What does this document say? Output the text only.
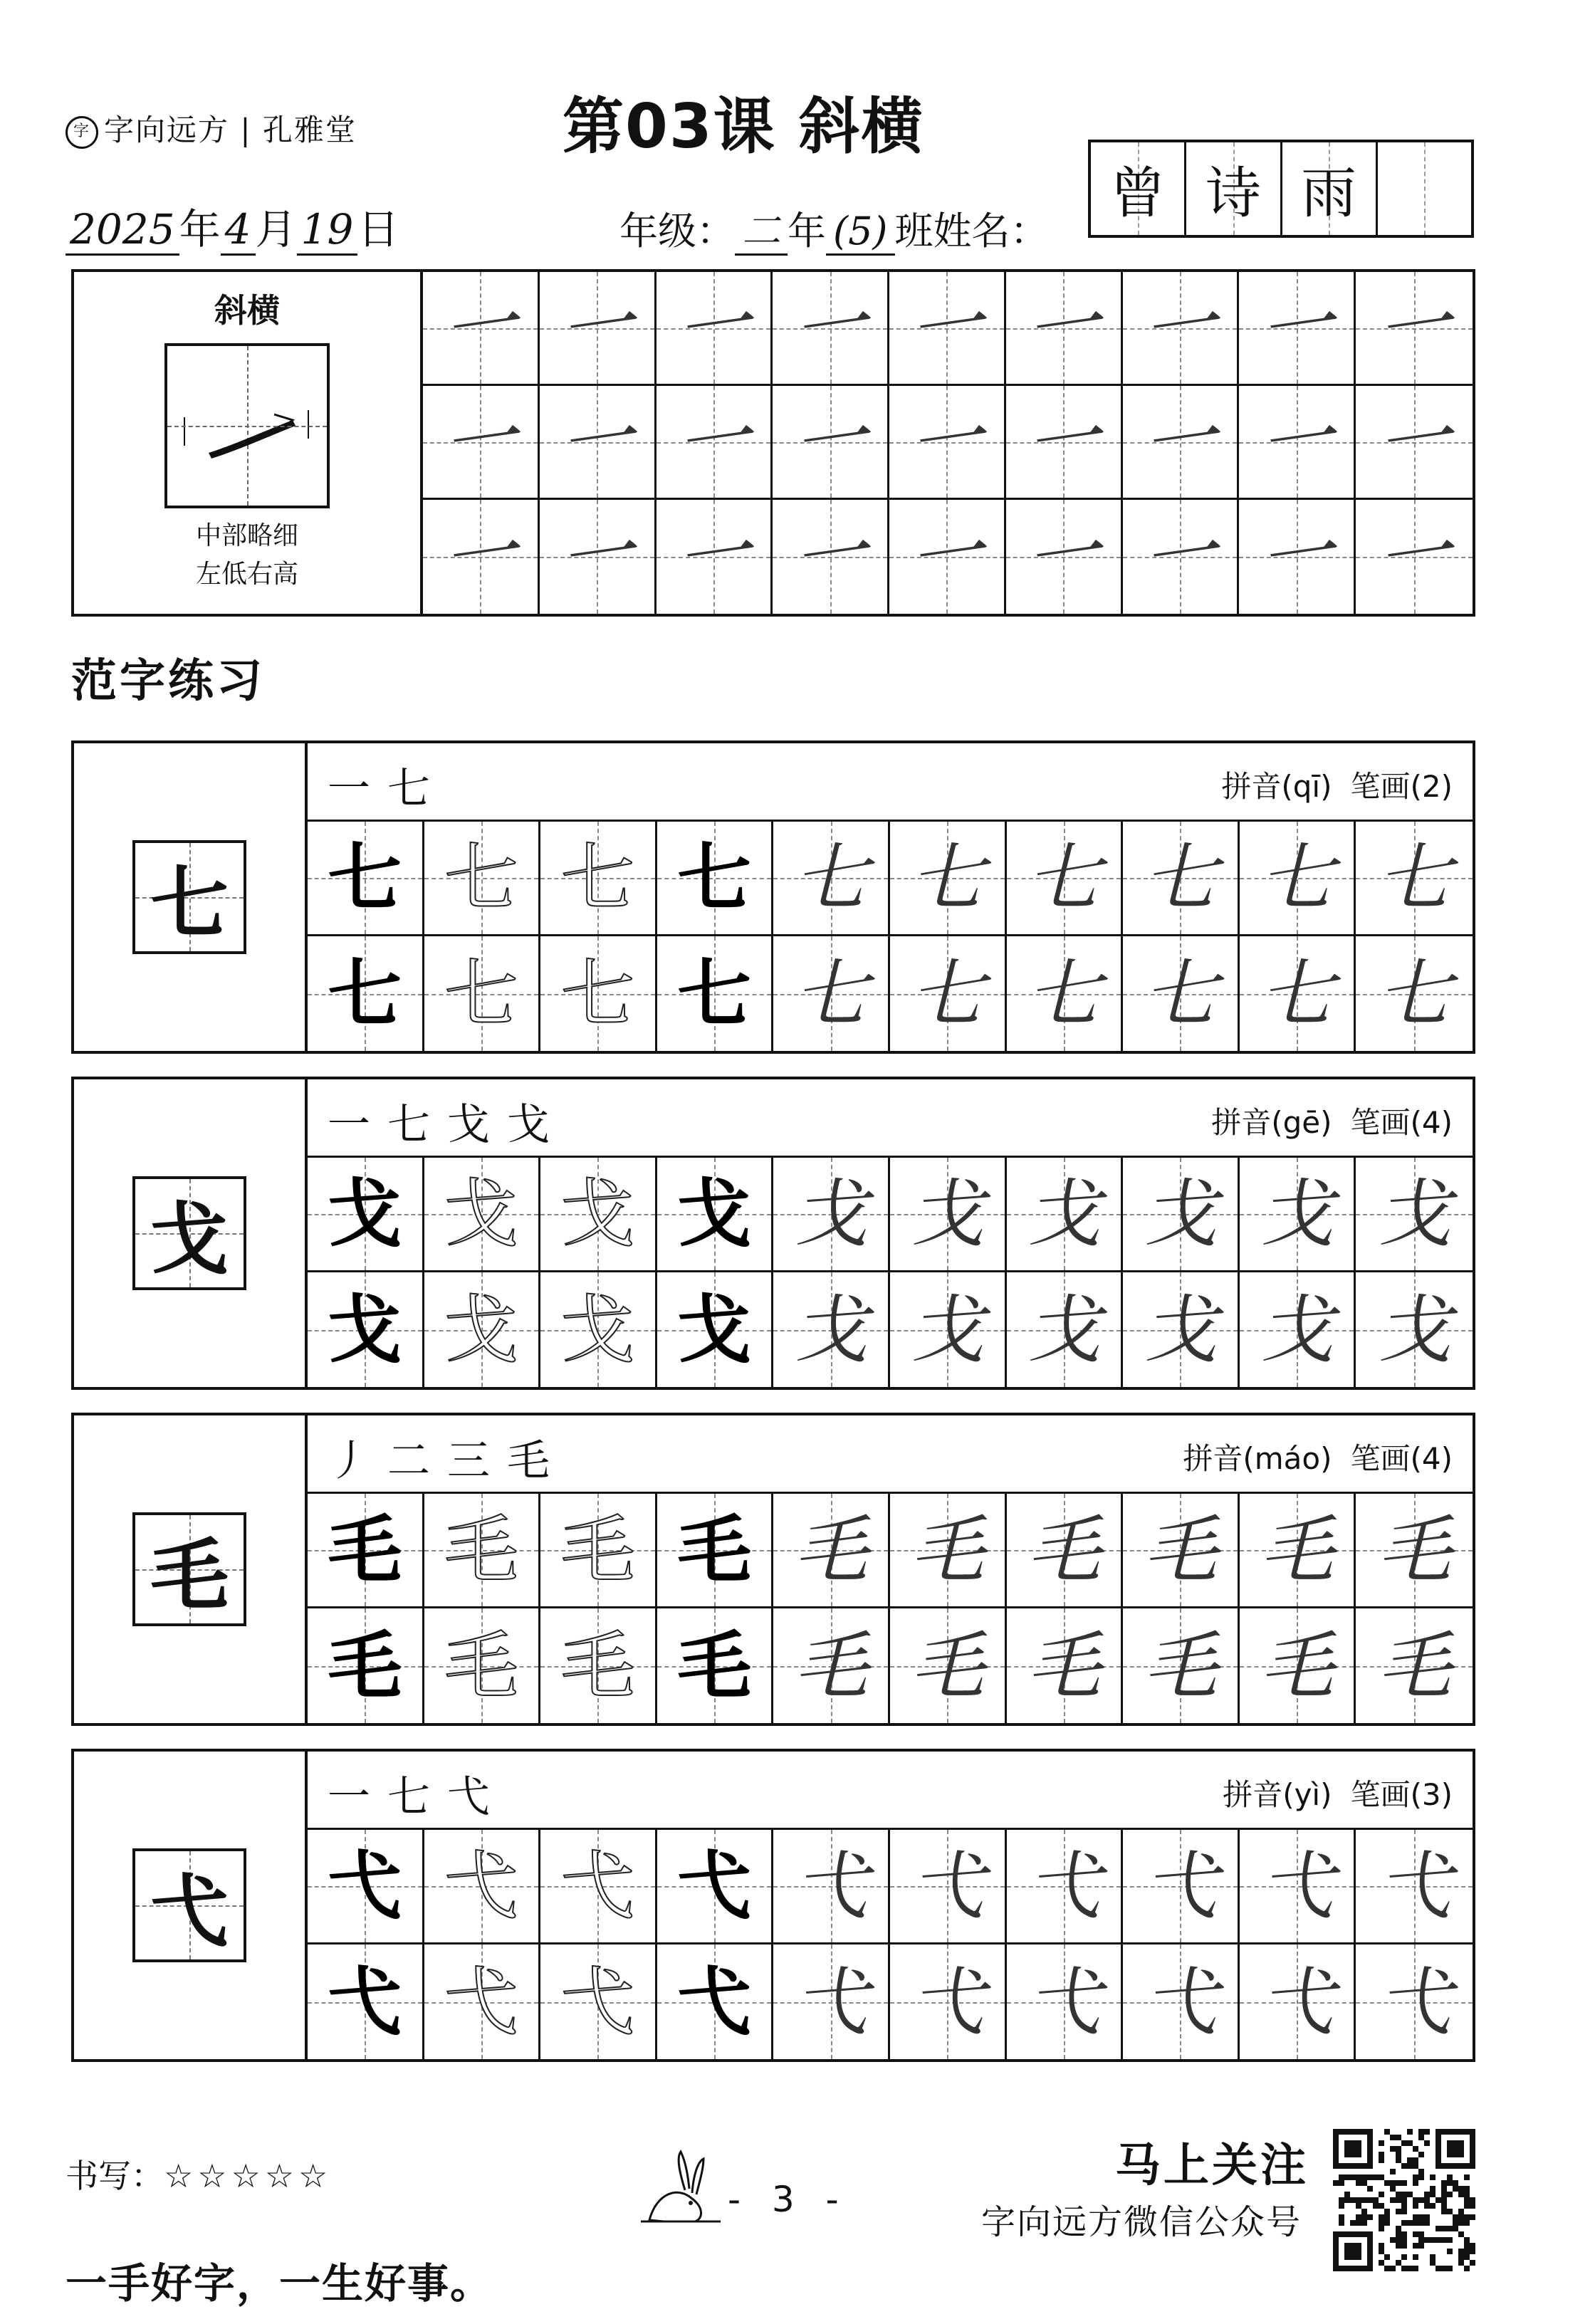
字 字向远方 | 孔雅堂	第03课 斜横
2025 年 4 月 19 日	年级： 二 年 (5) 班姓名：
曾 诗 雨
斜横
中部略细
左低右高
一 一 一 一 一 一 一 一 一
一 一 一 一 一 一 一 一 一
一 一 一 一 一 一 一 一 一
范字练习
七
一七	拼音(qī) 笔画(2)
七 七 七 七 七 七 七 七 七 七
七 七 七 七 七 七 七 七 七 七
戈
一七戈戈	拼音(gē) 笔画(4)
戈 戈 戈 戈 戈 戈 戈 戈 戈 戈
戈 戈 戈 戈 戈 戈 戈 戈 戈 戈
毛
丿二三毛	拼音(máo) 笔画(4)
毛 毛 毛 毛 毛 毛 毛 毛 毛 毛
毛 毛 毛 毛 毛 毛 毛 毛 毛 毛
弋
一七弋	拼音(yì) 笔画(3)
弋 弋 弋 弋 弋 弋 弋 弋 弋 弋
弋 弋 弋 弋 弋 弋 弋 弋 弋 弋
书写：☆☆☆☆☆
一手好字，一生好事。
- 3 -
马上关注
字向远方微信公众号
